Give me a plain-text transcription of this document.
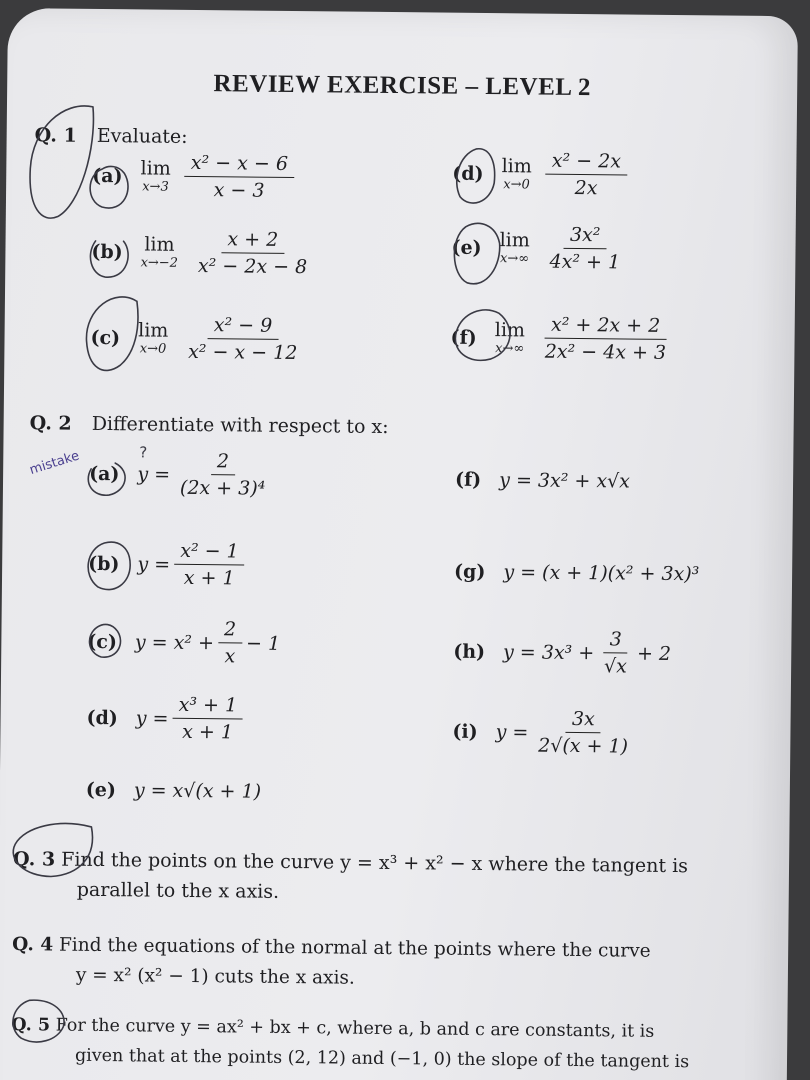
REVIEW EXERCISE – LEVEL 2
Q. 1 Evaluate:
(a) lim
$x\to 3 \frac{\text{x² − x − 6}}{x - 3}$
(b) lim
$x\to-2 \frac{x + 2}{\text{x² − 2x − 8}}$
(c) lim
$x\to 0 \frac{\text{x² − 9}}{\text{x² − x − 12}}$
(d) lim
$x\to 0 \frac{\text{x² − 2x}}{2x}$
(e) lim
$x\to\infty \frac{\text{3x²}}{\text{4x² + 1}}$
(f) lim
$x\to\infty \frac{\text{x² + 2x + 2}}{\text{2x² − 4x + 3}}$
Q. 2 Differentiate with respect to x:
(a) $y = \frac{2}{\text{(2x + 3)⁴}}$
(b) $y = \frac{\text{x² − 1}}{x + 1}$
(c) $y = x^2 + \frac{2}{x} - 1$
(d) $y = \frac{\text{x³ + 1}}{x + 1}$
(e) y = x√(x + 1)
(f) y = 3x² + x√x
(g) y = (x + 1)(x² + 3x)³
(h) $y = 3x^3 + \frac{3}{√x} + 2$
(i) $y = \frac{3x}{2√(x + 1)}$
Q. 3 Find the points on the curve y = x³ + x² − x where the tangent is
parallel to the x axis.
Q. 4 Find the equations of the normal at the points where the curve
y = x² (x² − 1) cuts the x axis.
Q. 5 For the curve y = ax² + bx + c, where a, b and c are constants, it is
given that at the points (2, 12) and (−1, 0) the slope of the tangent is
mistake	?
